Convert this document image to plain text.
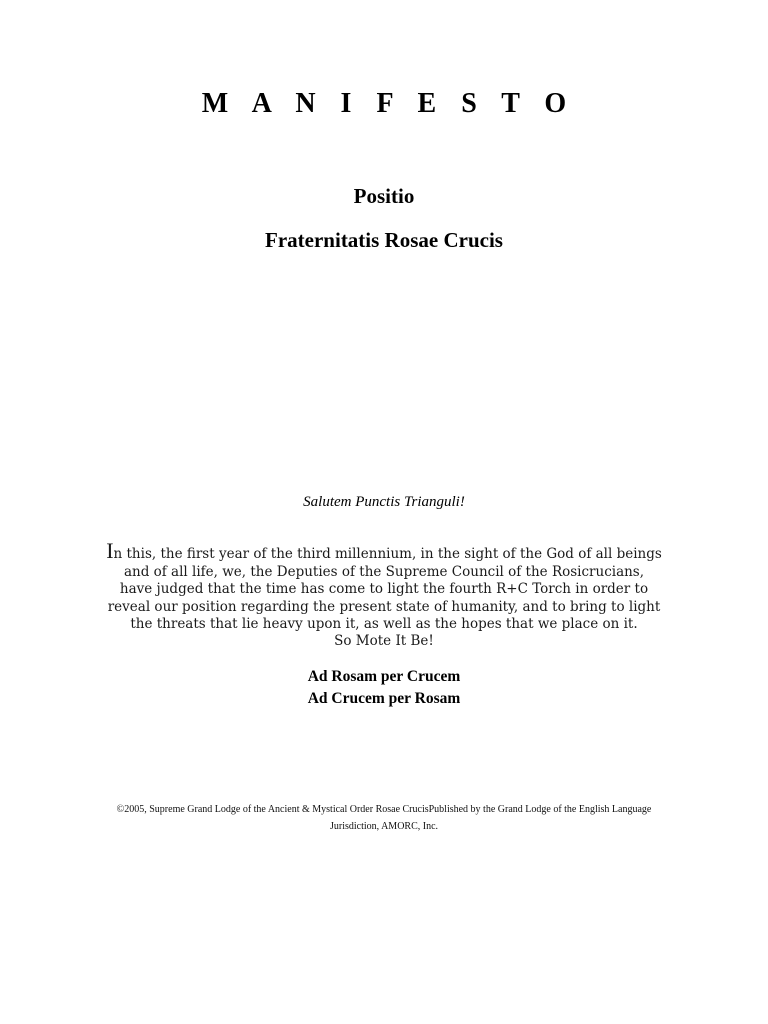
M A N I F E S T O
Positio
Fraternitatis Rosae Crucis

Salutem Punctis Trianguli!

In this, the first year of the third millennium, in the sight of the God of all beings and of all life, we, the Deputies of the Supreme Council of the Rosicrucians, have judged that the time has come to light the fourth R+C Torch in order to reveal our position regarding the present state of humanity, and to bring to light the threats that lie heavy upon it, as well as the hopes that we place on it.

So Mote It Be!

Ad Rosam per Crucem

Ad Crucem per Rosam

©2005, Supreme Grand Lodge of the Ancient & Mystical Order Rosae CrucisPublished by the Grand Lodge of the English Language Jurisdiction, AMORC, Inc.
